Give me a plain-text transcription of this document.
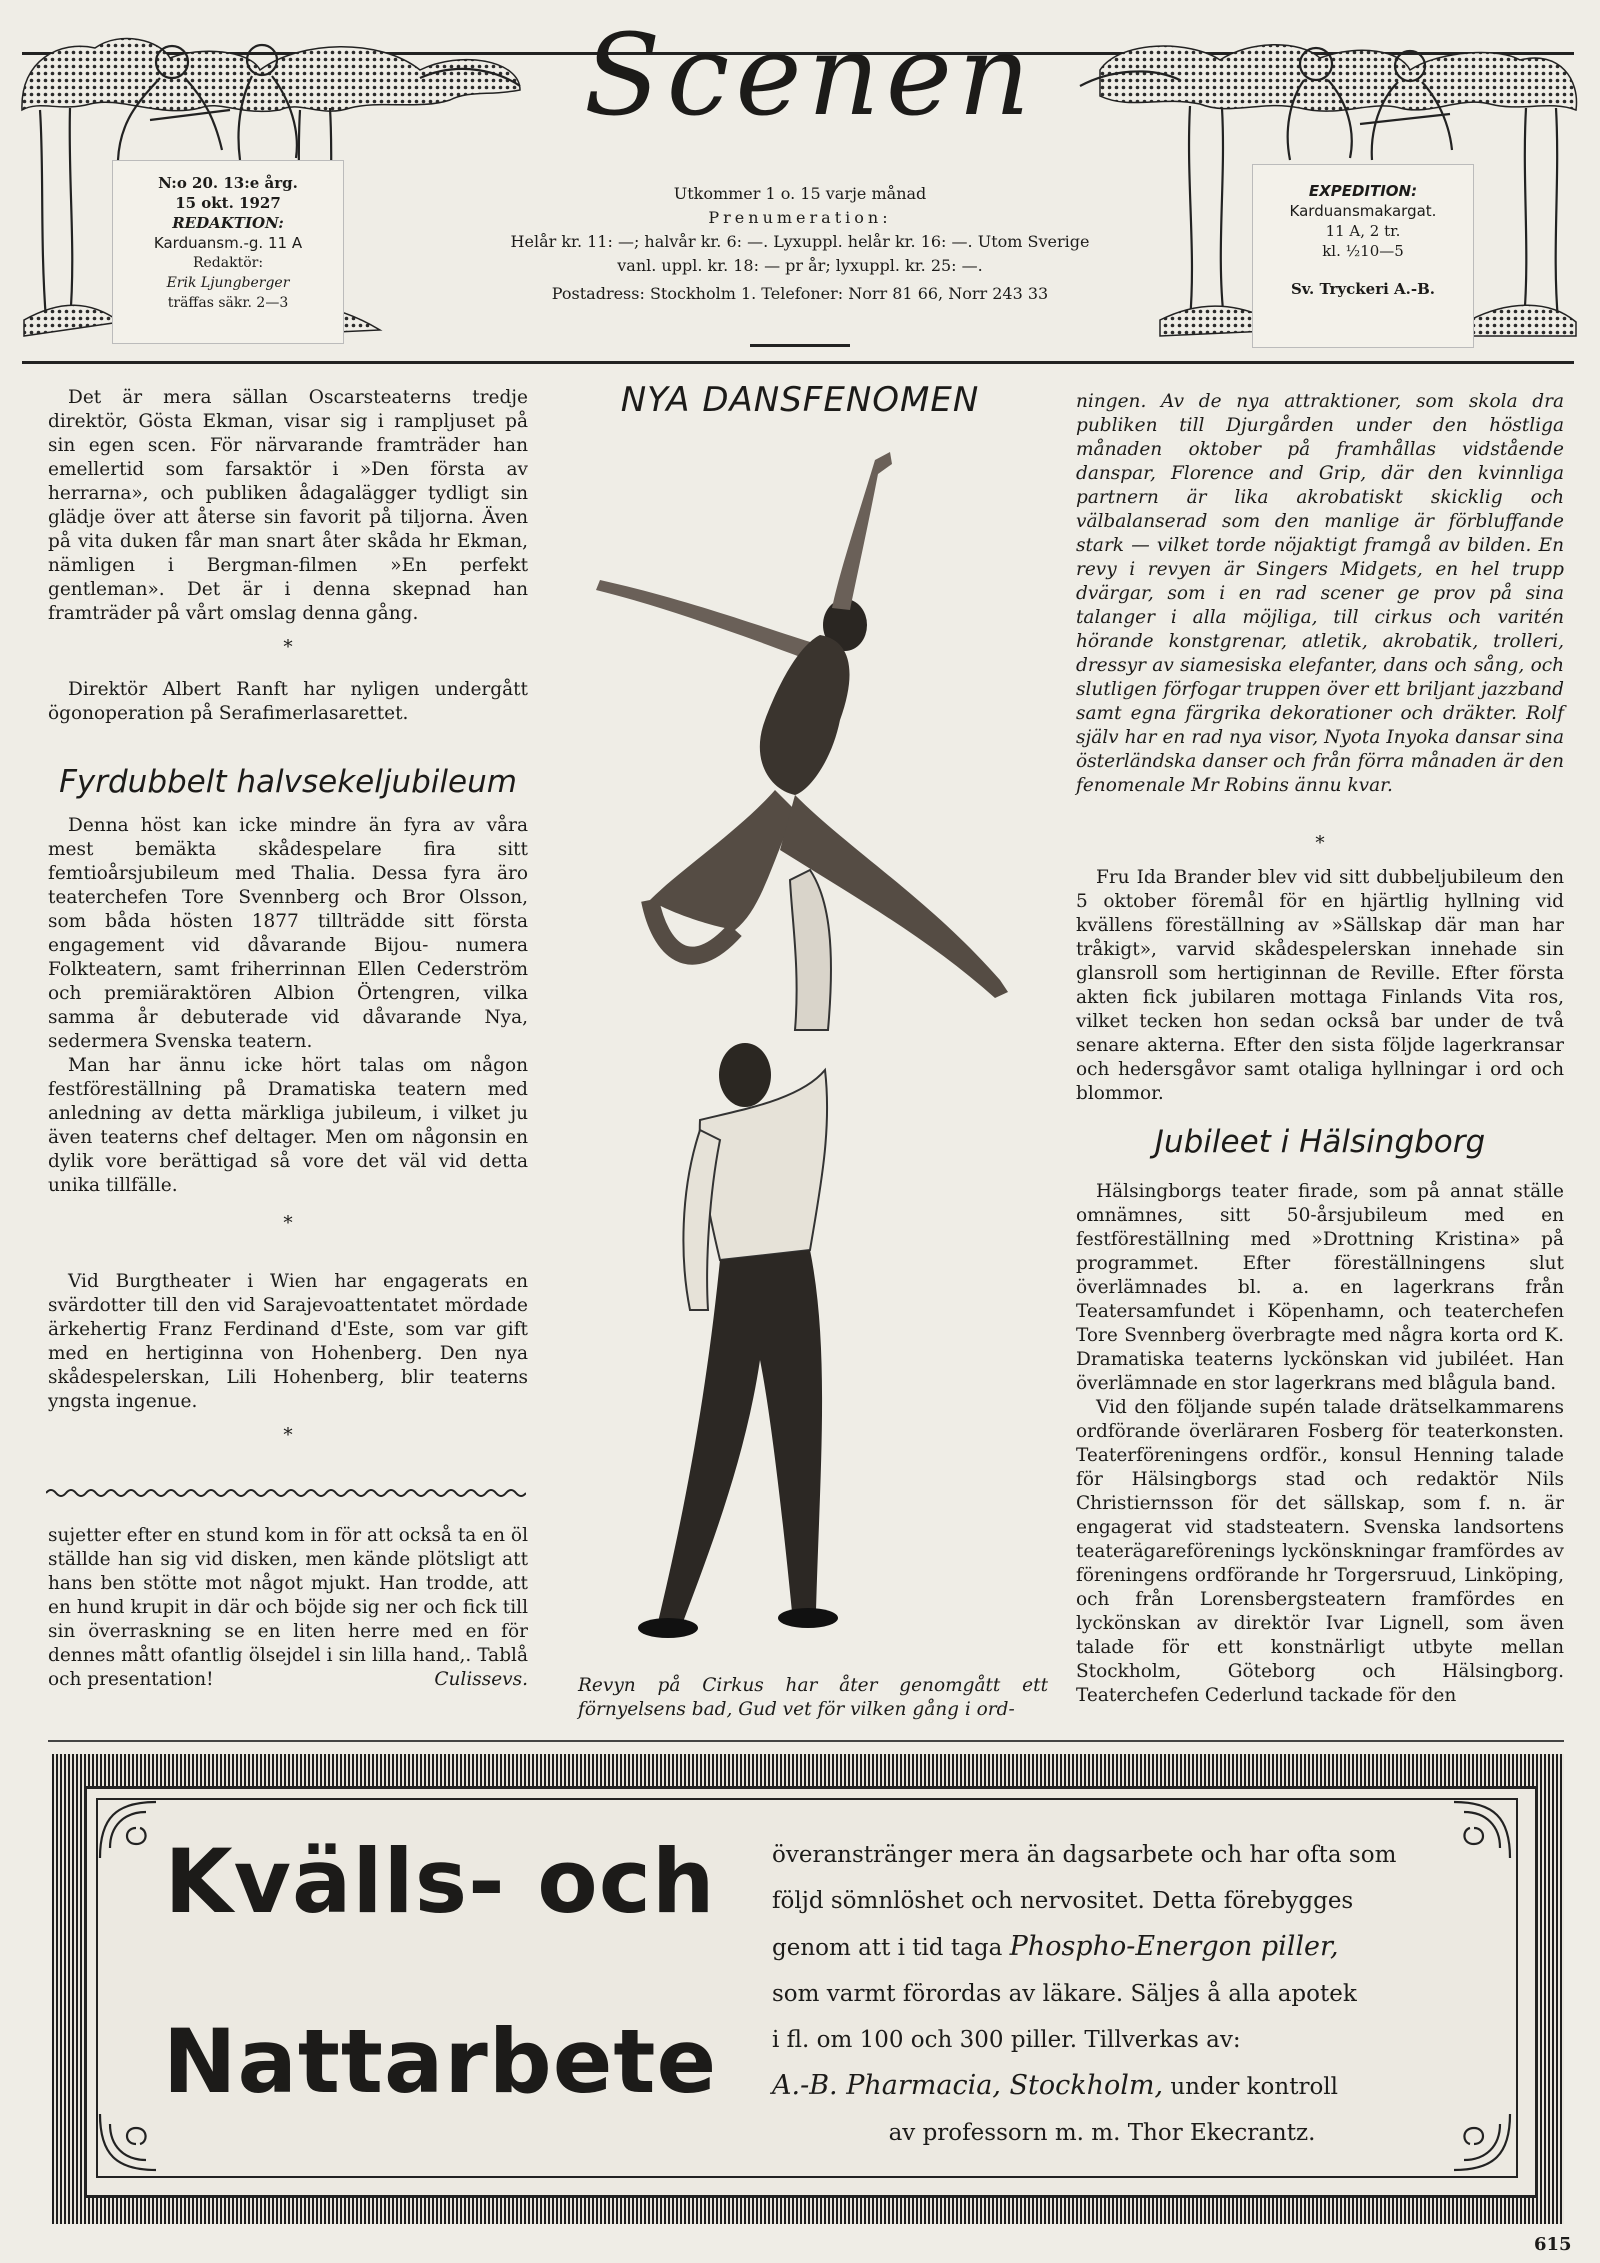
Scenen
N:o 20. 13:e årg.
15 okt. 1927
REDAKTION:
Karduansm.-g. 11 A
Redaktör:
Erik Ljungberger
träffas säkr. 2—3
EXPEDITION:
Karduansmakargat.
11 A, 2 tr.
kl. ½10—5
Sv. Tryckeri A.-B.
Utkommer 1 o. 15 varje månad
Prenumeration:
Helår kr. 11: —; halvår kr. 6: —. Lyxuppl. helår kr. 16: —. Utom Sverige
vanl. uppl. kr. 18: — pr år; lyxuppl. kr. 25: —.
Postadress: Stockholm 1. Telefoner: Norr 81 66, Norr 243 33

Det är mera sällan Oscarsteaterns tredje direktör, Gösta Ekman, visar sig i rampljuset på sin egen scen. För närvarande framträder han emellertid som farsaktör i »Den första av herrarna», och publiken ådagalägger tydligt sin glädje över att återse sin favorit på tiljorna. Även på vita duken får man snart åter skåda hr Ekman, nämligen i Bergman-filmen »En perfekt gentleman». Det är i denna skepnad han framträder på vårt omslag denna gång.

*

Direktör Albert Ranft har nyligen undergått ögonoperation på Serafimerlasarettet.

Fyrdubbelt halvsekeljubileum

Denna höst kan icke mindre än fyra av våra mest bemäkta skådespelare fira sitt femtioårsjubileum med Thalia. Dessa fyra äro teaterchefen Tore Svennberg och Bror Olsson, som båda hösten 1877 tillträdde sitt första engagement vid dåvarande Bijou- numera Folkteatern, samt friherrinnan Ellen Cederström och premiäraktören Albion Örtengren, vilka samma år debuterade vid dåvarande Nya, sedermera Svenska teatern.

Man har ännu icke hört talas om någon festföreställning på Dramatiska teatern med anledning av detta märkliga jubileum, i vilket ju även teaterns chef deltager. Men om någonsin en dylik vore berättigad så vore det väl vid detta unika tillfälle.

*

Vid Burgtheater i Wien har engagerats en svärdotter till den vid Sarajevoattentatet mördade ärkehertig Franz Ferdinand d'Este, som var gift med en hertiginna von Hohenberg. Den nya skådespelerskan, Lili Hohenberg, blir teaterns yngsta ingenue.

*

sujetter efter en stund kom in för att också ta en öl ställde han sig vid disken, men kände plötsligt att hans ben stötte mot något mjukt. Han trodde, att en hund krupit in där och böjde sig ner och fick till sin överraskning se en liten herre med en för dennes mått ofantlig ölsejdel i sin lilla hand,. Tablå och presentation!	Culissevs.
NYA DANSFENOMEN
Revyn på Cirkus har åter genomgått ett förnyelsens bad, Gud vet för vilken gång i ord-

ningen. Av de nya attraktioner, som skola dra publiken till Djurgården under den höstliga månaden oktober på framhållas vidstående danspar, Florence and Grip, där den kvinnliga partnern är lika akrobatiskt skicklig och välbalanserad som den manlige är förbluffande stark — vilket torde nöjaktigt framgå av bilden. En revy i revyen är Singers Midgets, en hel trupp dvärgar, som i en rad scener ge prov på sina talanger i alla möjliga, till cirkus och varitén hörande konstgrenar, atletik, akrobatik, trolleri, dressyr av siamesiska elefanter, dans och sång, och slutligen förfogar truppen över ett briljant jazzband samt egna färgrika dekorationer och dräkter. Rolf själv har en rad nya visor, Nyota Inyoka dansar sina österländska danser och från förra månaden är den fenomenale Mr Robins ännu kvar.

*

Fru Ida Brander blev vid sitt dubbeljubileum den 5 oktober föremål för en hjärtlig hyllning vid kvällens föreställning av »Sällskap där man har tråkigt», varvid skådespelerskan innehade sin glansroll som hertiginnan de Reville. Efter första akten fick jubilaren mottaga Finlands Vita ros, vilket tecken hon sedan också bar under de två senare akterna. Efter den sista följde lagerkransar och hedersgåvor samt otaliga hyllningar i ord och blommor.

Jubileet i Hälsingborg

Hälsingborgs teater firade, som på annat ställe omnämnes, sitt 50-årsjubileum med en festföreställning med »Drottning Kristina» på programmet. Efter föreställningens slut överlämnades bl. a. en lagerkrans från Teatersamfundet i Köpenhamn, och teaterchefen Tore Svennberg överbragte med några korta ord K. Dramatiska teaterns lyckönskan vid jubiléet. Han överlämnade en stor lagerkrans med blågula band.

Vid den följande supén talade drätselkammarens ordförande överläraren Fosberg för teaterkonsten. Teaterföreningens ordför., konsul Henning talade för Hälsingborgs stad och redaktör Nils Christiernsson för det sällskap, som f. n. är engagerat vid stadsteatern. Svenska landsortens teaterägareförenings lyckönskningar framfördes av föreningens ordförande hr Torgersruud, Linköping, och från Lorensbergsteatern framfördes en lyckönskan av direktör Ivar Lignell, som även talade för ett konstnärligt utbyte mellan Stockholm, Göteborg och Hälsingborg. Teaterchefen Cederlund tackade för den

Kvälls- och
Nattarbete
överanstränger mera än dagsarbete och har ofta som
följd sömnlöshet och nervositet. Detta förebygges
genom att i tid taga Phospho-Energon piller,
som varmt förordas av läkare. Säljes å alla apotek
i fl. om 100 och 300 piller. Tillverkas av:
A.-B. Pharmacia, Stockholm, under kontroll
av professorn m. m. Thor Ekecrantz.
615
